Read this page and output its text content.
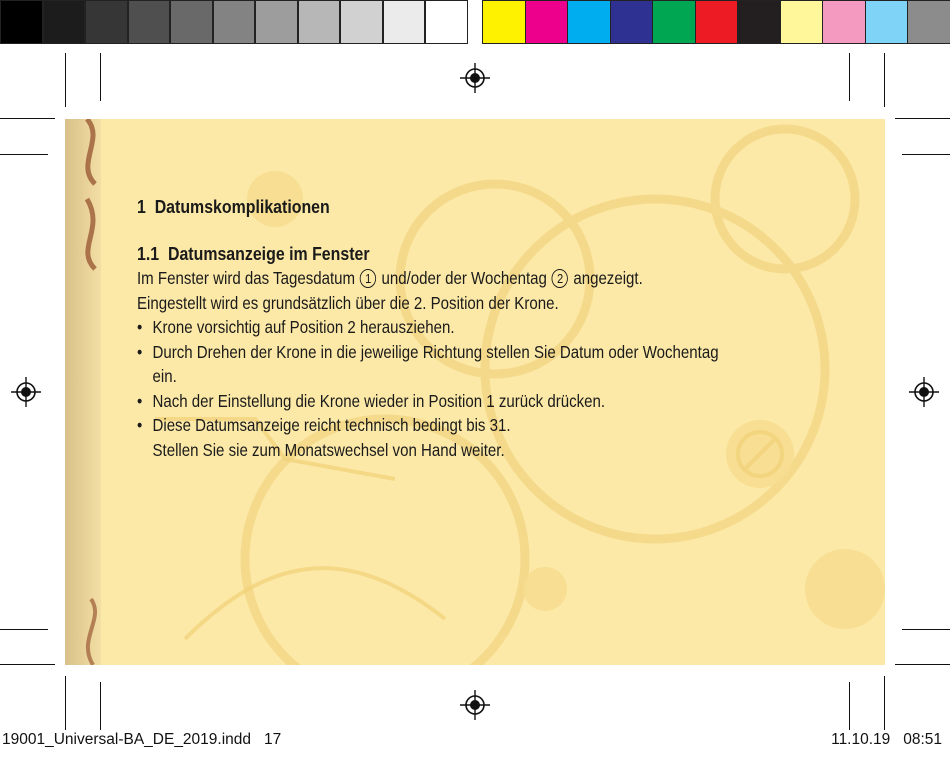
1 Datumskomplikationen
1.1 Datumsanzeige im Fenster

Im Fenster wird das Tagesdatum 1 und/oder der Wochentag 2 angezeigt.
Eingestellt wird es grundsätzlich über die 2. Position der Krone.

• Krone vorsichtig auf Position 2 herausziehen.
• Durch Drehen der Krone in die jeweilige Richtung stellen Sie Datum oder Wochentag ein.
• Nach der Einstellung die Krone wieder in Position 1 zurück drücken.
• Diese Datumsanzeige reicht technisch bedingt bis 31.
Stellen Sie sie zum Monatswechsel von Hand weiter.
19001_Universal-BA_DE_2019.indd   17	11.10.19   08:51
